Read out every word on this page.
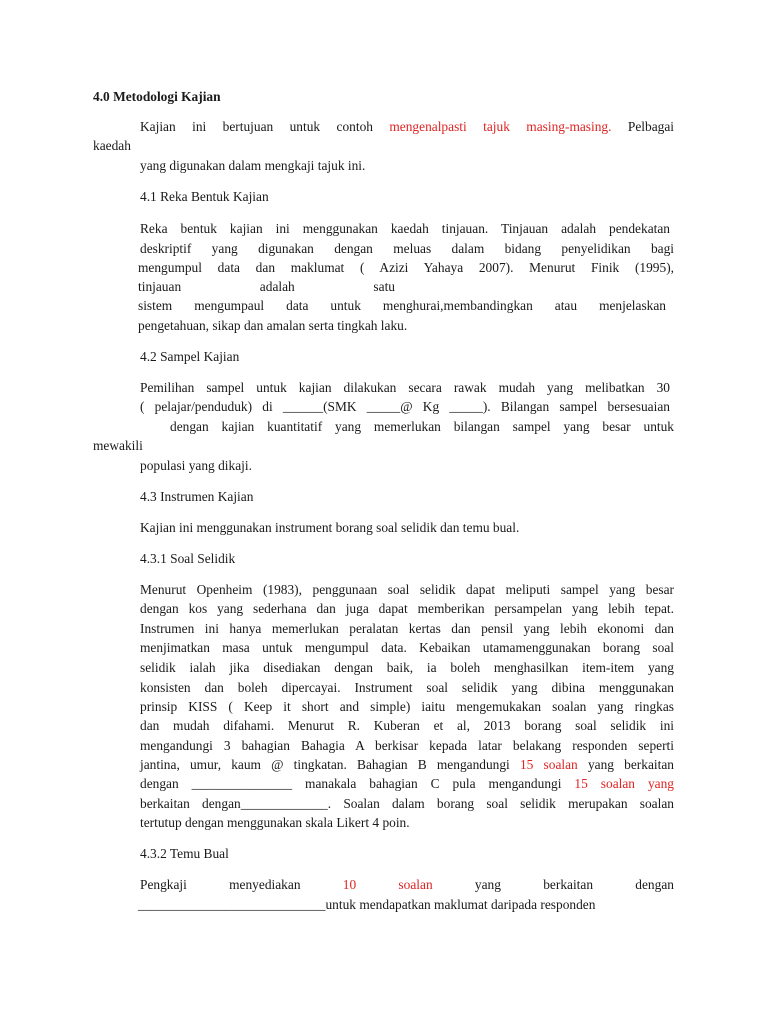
4.0 Metodologi Kajian
Kajian ini bertujuan untuk contoh mengenalpasti tajuk masing-masing. Pelbagai
kaedah
yang digunakan dalam mengkaji tajuk ini.
4.1 Reka Bentuk Kajian
Reka bentuk kajian ini menggunakan kaedah tinjauan. Tinjauan adalah pendekatan
deskriptif yang digunakan dengan meluas dalam bidang penyelidikan bagi
mengumpul data dan maklumat ( Azizi Yahaya 2007). Menurut Finik (1995),
tinjauan adalah satu
sistem mengumpaul data untuk menghurai,membandingkan atau menjelaskan
pengetahuan, sikap dan amalan serta tingkah laku.
4.2 Sampel Kajian
Pemilihan sampel untuk kajian dilakukan secara rawak mudah yang melibatkan 30
( pelajar/penduduk) di ______(SMK _____@ Kg _____). Bilangan sampel bersesuaian
dengan kajian kuantitatif yang memerlukan bilangan sampel yang besar untuk
mewakili
populasi yang dikaji.
4.3 Instrumen Kajian
Kajian ini menggunakan instrument borang soal selidik dan temu bual.
4.3.1 Soal Selidik
Menurut Openheim (1983), penggunaan soal selidik dapat meliputi sampel yang besar
dengan kos yang sederhana dan juga dapat memberikan persampelan yang lebih tepat.
Instrumen ini hanya memerlukan peralatan kertas dan pensil yang lebih ekonomi dan
menjimatkan masa untuk mengumpul data. Kebaikan utamamenggunakan borang soal
selidik ialah jika disediakan dengan baik, ia boleh menghasilkan item-item yang
konsisten dan boleh dipercayai. Instrument soal selidik yang dibina menggunakan
prinsip KISS ( Keep it short and simple) iaitu mengemukakan soalan yang ringkas
dan mudah difahami. Menurut R. Kuberan et al, 2013 borang soal selidik ini
mengandungi 3 bahagian Bahagia A berkisar kepada latar belakang responden seperti
jantina, umur, kaum @ tingkatan. Bahagian B mengandungi 15 soalan yang berkaitan
dengan _______________ manakala bahagian C pula mengandungi 15 soalan yang
berkaitan dengan_____________. Soalan dalam borang soal selidik merupakan soalan
tertutup dengan menggunakan skala Likert 4 poin.
4.3.2 Temu Bual
Pengkaji menyediakan	10 soalan	yang berkaitan dengan
____________________________untuk mendapatkan maklumat daripada responden
